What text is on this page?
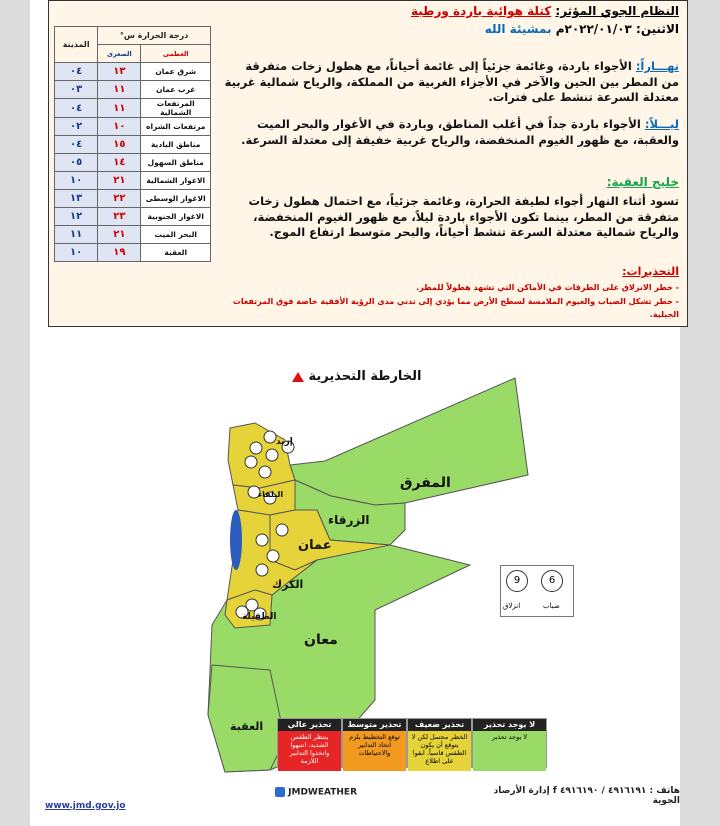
درجة الحرارة س°		المدينة
العظمى	الصغرى	
شرق عمان	١٣	٠٤
غرب عمان	١١	٠٣
المرتفعات الشمالية	١١	٠٤
مرتفعات الشراه	١٠	٠٢
مناطق البادية	١٥	٠٤
مناطق السهول	١٤	٠٥
الاغوار الشمالية	٢١	١٠
الاغوار الوسطى	٢٢	١٣
الاغوار الجنوبية	٢٣	١٢
البحر الميت	٢١	١١
العقبة	١٩	١٠
النظام الجوي المؤثر: كتلة هوائية باردة ورطبة
الاثنين: ٢٠٢٢/٠١/٠٣م بمشيئة الله
نهـــاراً: الأجواء باردة، وغائمة جزئياً إلى غائمة أحياناً، مع هطول زخات متفرقة من المطر بين الحين والآخر في الأجزاء الغربية من المملكة، والرياح شمالية غربية معتدلة السرعة تنشط على فترات.
ليـــلاً: الأجواء باردة جداً في أغلب المناطق، وباردة في الأغوار والبحر الميت والعقبة، مع ظهور الغيوم المنخفضة، والرياح غربية خفيفة إلى معتدلة السرعة.
خليج العقبة:
تسود أثناء النهار أجواء لطيفة الحرارة، وغائمة جزئياً، مع احتمال هطول زخات متفرقة من المطر، بينما تكون الأجواء باردة ليلاً، مع ظهور الغيوم المنخفضة، والرياح شمالية معتدلة السرعة تنشط أحياناً، والبحر متوسط ارتفاع الموج.
التحذيرات:
- خطر الانزلاق على الطرقات في الأماكن التي تشهد هطولاً للمطر.
- خطر تشكل الضباب والغيوم الملامسة لسطح الأرض مما يؤدي إلى تدني مدى الرؤية الأفقية خاصة فوق المرتفعات الجبلية.
الخارطة التحذيرية
المفرق
الزرقاء
عمان
معان
الكرك
العقبة
الطفيلة
إربد
البلقاء
9	6
انزلاق	ضباب
تحذير عالي
ينتظر الطقس الشديد، انتبهوا واتخذوا التدابير اللازمة
تحذير متوسط
توقع التخطيط بلزم اتخاذ التدابير والاحتياطات
تحذير ضعيف
الخطر محتمل لكن لا يتوقع أن يكون الطقس قاسياً. ابقوا على اطلاع
لا يوجد تحذير
لا يوجد تحذير
JMDWEATHER	هاتف : ٤٩١٦١٩١ / ٤٩١٦١٩٠ f إدارة الأرصاد الجوية
www.jmd.gov.jo
